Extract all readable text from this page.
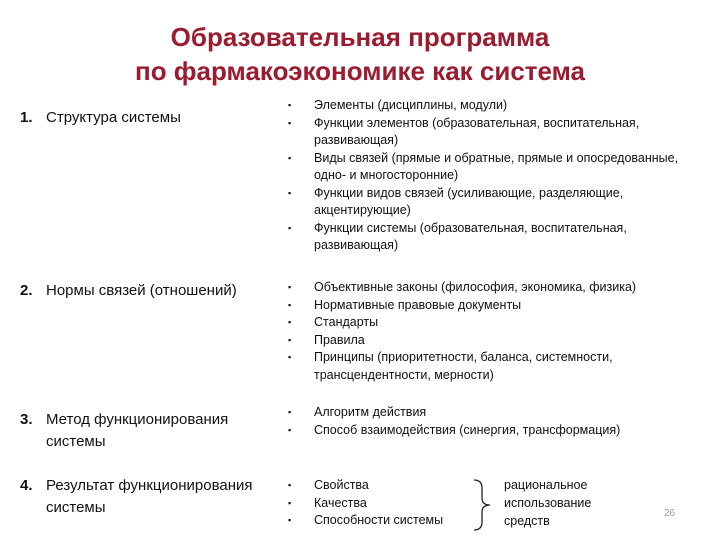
Образовательная программа
по фармакоэкономике как система
1. Структура системы
▪ Элементы (дисциплины, модули)
▪ Функции элементов (образовательная, воспитательная, развивающая)
▪ Виды связей (прямые и обратные, прямые и опосредованные, одно- и многосторонние)
▪ Функции видов связей (усиливающие, разделяющие, акцентирующие)
▪ Функции системы (образовательная, воспитательная, развивающая)
2. Нормы связей (отношений)	▪ Объективные законы (философия, экономика, физика)
▪ Нормативные правовые документы
▪ Стандарты
▪ Правила
▪ Принципы (приоритетности, баланса, системности, трансцендентности, мерности)
3. Метод функционирования
системы
▪ Алгоритм действия
▪ Способ взаимодействия (синергия, трансформация)
4. Результат функционирования
системы
▪ Свойства
▪ Качества
▪ Способности системы
рациональное
использование
средств
26
